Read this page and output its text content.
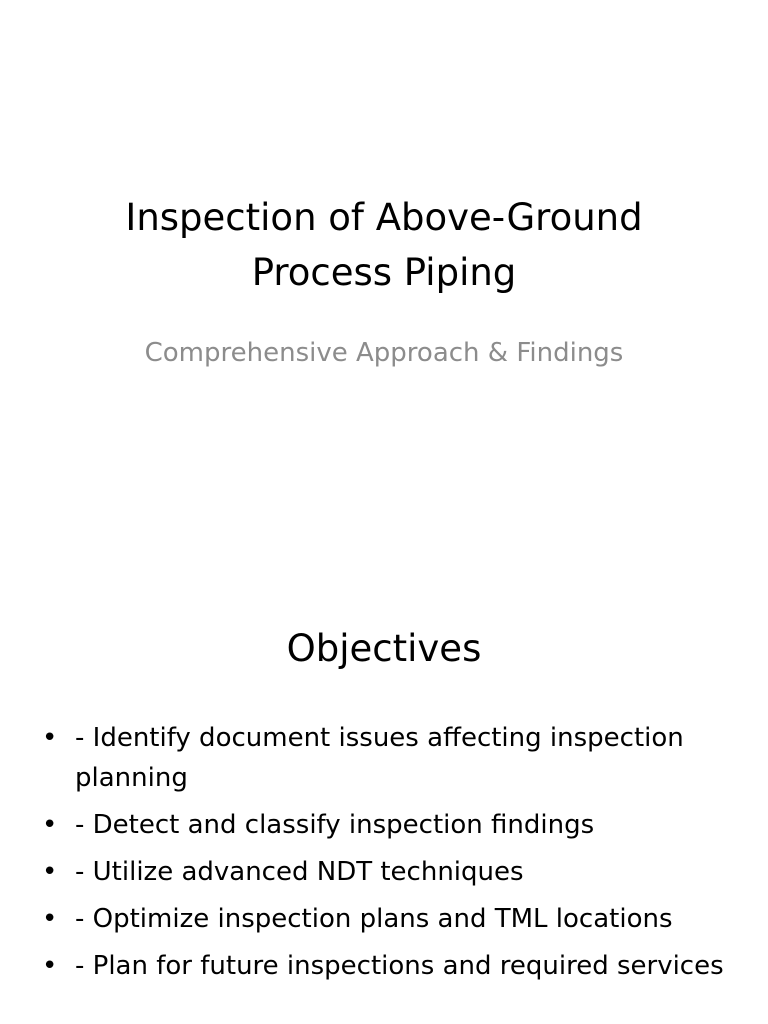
Inspection of Above-Ground Process Piping

Comprehensive Approach & Findings

Objectives
• - Identify document issues affecting inspection planning
• - Detect and classify inspection findings
• - Utilize advanced NDT techniques
• - Optimize inspection plans and TML locations
• - Plan for future inspections and required services
